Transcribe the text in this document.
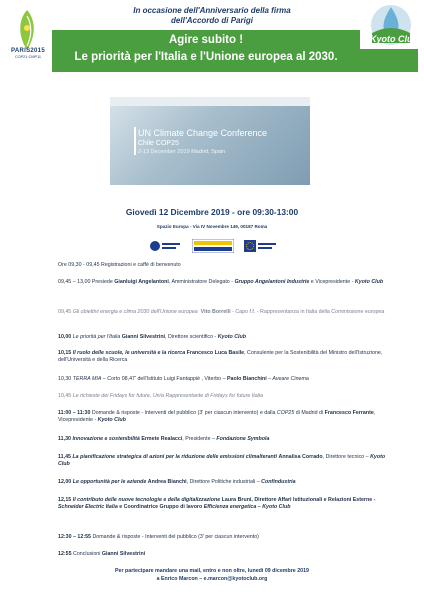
PARIS2015
COP21·CMP11
Kyoto Club
In occasione dell'Anniversario della firma
dell'Accordo di Parigi
Agire subito !
Le priorità per l'Italia e l'Unione europea al 2030.
UN Climate Change Conference
Chile COP25
2-13 December 2019 Madrid, Spain
Giovedì 12 Dicembre 2019 - ore 09:30-13:00
Spazio Europa - Via IV Novembre 149, 00187 Roma
Ore 09,30 - 09,45 Registrazioni e caffè di benvenuto
09,45 – 13,00 Presiede Gianluigi Angelantoni, Amministratore Delegato - Gruppo Angelantoni Industrie e Vicepresidente - Kyoto Club
09,45 Gli obiettivi energia e clima 2030 dell'Unione europea Vito Borrelli - Capo f.f. - Rappresentanza in Italia della Commissione europea
10,00 Le priorità per l'Italia Gianni Silvestrini, Direttore scientifico - Kyoto Club
10,15 Il ruolo delle scuole, le università e la ricerca Francesco Luca Basile, Consulente per la Sostenibilità del Ministro dell'Istruzione, dell'Università e della Ricerca
10,30 TERRA MIA – Corto 08,47' dell'Istituto Luigi Fantappiè , Viterbo – Paolo Bianchini – Aveare Cinema
10,45 Le richieste dei Fridays for future, Un/a Rappresentante di Fridays for future Italia
11:00 – 11:30 Domande & risposte - Interventi del pubblico (3' per ciascun intervento) e dalla COP25 di Madrid di Francesco Ferrante, Vicepresidente - Kyoto Club
11,30 Innovazione e sostenibilità Ermete Realacci, Presidente – Fondazione Symbola
11,45 La pianificazione strategica di azioni per la riduzione delle emissioni climalteranti Annalisa Corrado, Direttore tecnico – Kyoto Club
12,00 Le opportunità per le aziende Andrea Bianchi, Direttore Politiche industriali – Confindustria
12,15 Il contributo delle nuove tecnologie e della digitalizzazione Laura Bruni, Direttore Affari Istituzionali e Relazioni Esterne - Schneider Electric Italia e Coordinatrice Gruppo di lavoro Efficienza energetica – Kyoto Club
12:30 – 12:55 Domande & risposte - Interventi del pubblico (3' per ciascun intervento)
12:55 Conclusioni Gianni Silvestrini
Per partecipare mandare una mail, entro e non oltre, lunedì 09 dicembre 2019
a Enrico Marcon – e.marcon@kyotoclub.org
